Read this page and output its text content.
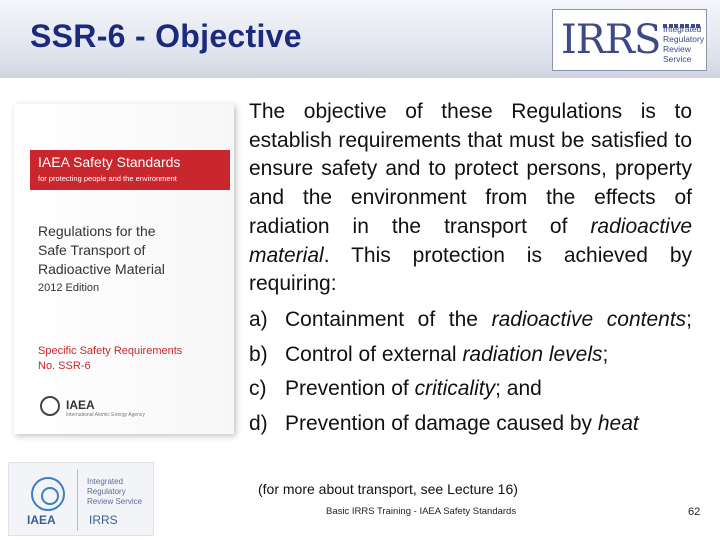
SSR-6 - Objective	IRRS Integrated
Regulatory
Review
Service
IAEA Safety Standards
for protecting people and the environment
Regulations for the
Safe Transport of
Radioactive Material
2012 Edition
Specific Safety Requirements
No. SSR-6
IAEA
International Atomic Energy Agency

The objective of these Regulations is to establish requirements that must be satisfied to ensure safety and to protect persons, property and the environment from the effects of radiation in the transport of radioactive material. This protection is achieved by requiring:

a) Containment of the radioactive contents;

b) Control of external radiation levels;

c) Prevention of criticality; and

d) Prevention of damage caused by heat

(for more about transport, see Lecture 16)
IAEA
Integrated
Regulatory
Review Service
IRRS
Basic IRRS Training - IAEA Safety Standards	62
